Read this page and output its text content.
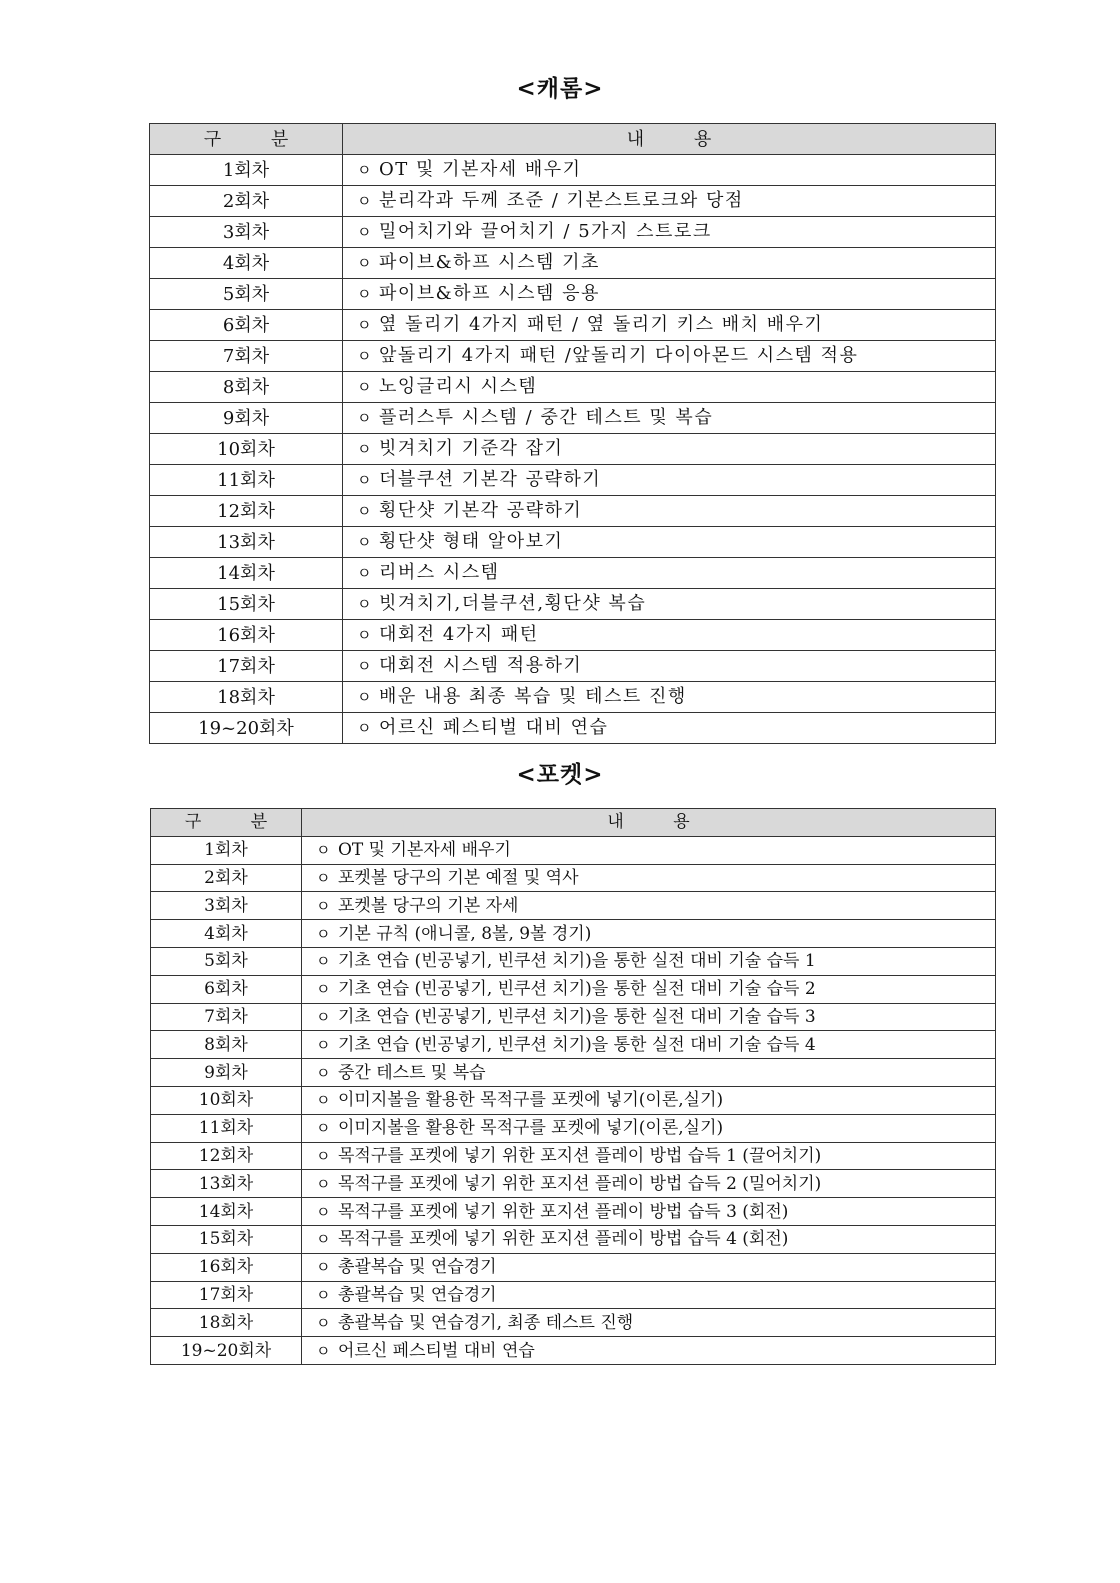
<캐롬>
구 분	내 용
1회차	ㅇ OT 및 기본자세 배우기
2회차	ㅇ 분리각과 두께 조준 / 기본스트로크와 당점
3회차	ㅇ 밀어치기와 끌어치기 / 5가지 스트로크
4회차	ㅇ 파이브&하프 시스템 기초
5회차	ㅇ 파이브&하프 시스템 응용
6회차	ㅇ 옆 돌리기 4가지 패턴 / 옆 돌리기 키스 배치 배우기
7회차	ㅇ 앞돌리기 4가지 패턴 /앞돌리기 다이아몬드 시스템 적용
8회차	ㅇ 노잉글리시 시스템
9회차	ㅇ 플러스투 시스템 / 중간 테스트 및 복습
10회차	ㅇ 빗겨치기 기준각 잡기
11회차	ㅇ 더블쿠션 기본각 공략하기
12회차	ㅇ 횡단샷 기본각 공략하기
13회차	ㅇ 횡단샷 형태 알아보기
14회차	ㅇ 리버스 시스템
15회차	ㅇ 빗겨치기,더블쿠션,횡단샷 복습
16회차	ㅇ 대회전 4가지 패턴
17회차	ㅇ 대회전 시스템 적용하기
18회차	ㅇ 배운 내용 최종 복습 및 테스트 진행
19~20회차	ㅇ 어르신 페스티벌 대비 연습
<포켓>
구 분	내 용
1회차	ㅇ OT 및 기본자세 배우기
2회차	ㅇ 포켓볼 당구의 기본 예절 및 역사
3회차	ㅇ 포켓볼 당구의 기본 자세
4회차	ㅇ 기본 규칙 (애니콜, 8볼, 9볼 경기)
5회차	ㅇ 기초 연습 (빈공넣기, 빈쿠션 치기)을 통한 실전 대비 기술 습득 1
6회차	ㅇ 기초 연습 (빈공넣기, 빈쿠션 치기)을 통한 실전 대비 기술 습득 2
7회차	ㅇ 기초 연습 (빈공넣기, 빈쿠션 치기)을 통한 실전 대비 기술 습득 3
8회차	ㅇ 기초 연습 (빈공넣기, 빈쿠션 치기)을 통한 실전 대비 기술 습득 4
9회차	ㅇ 중간 테스트 및 복습
10회차	ㅇ 이미지볼을 활용한 목적구를 포켓에 넣기(이론,실기)
11회차	ㅇ 이미지볼을 활용한 목적구를 포켓에 넣기(이론,실기)
12회차	ㅇ 목적구를 포켓에 넣기 위한 포지션 플레이 방법 습득 1 (끌어치기)
13회차	ㅇ 목적구를 포켓에 넣기 위한 포지션 플레이 방법 습득 2 (밀어치기)
14회차	ㅇ 목적구를 포켓에 넣기 위한 포지션 플레이 방법 습득 3 (회전)
15회차	ㅇ 목적구를 포켓에 넣기 위한 포지션 플레이 방법 습득 4 (회전)
16회차	ㅇ 총괄복습 및 연습경기
17회차	ㅇ 총괄복습 및 연습경기
18회차	ㅇ 총괄복습 및 연습경기, 최종 테스트 진행
19~20회차	ㅇ 어르신 페스티벌 대비 연습
